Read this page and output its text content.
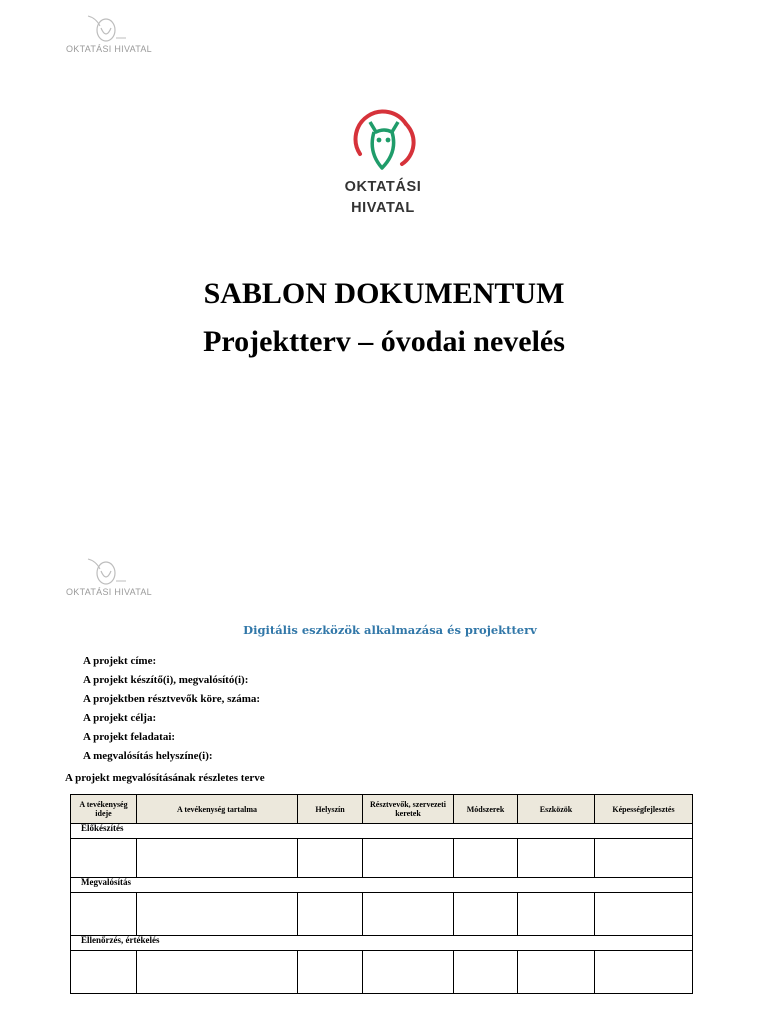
OKTATÁSI HIVATAL
OKTATÁSI
HIVATAL
SABLON DOKUMENTUM
Projektterv – óvodai nevelés
OKTATÁSI HIVATAL
Digitális eszközök alkalmazása és projektterv
A projekt címe:
A projekt készítő(i), megvalósító(i):
A projektben résztvevők köre, száma:
A projekt célja:
A projekt feladatai:
A megvalósítás helyszíne(i):
A projekt megvalósításának részletes terve
A tevékenység ideje	A tevékenység tartalma	Helyszín	Résztvevők, szervezeti keretek	Módszerek	Eszközök	Képességfejlesztés
Előkészítés						

Megvalósítás						

Ellenőrzés, értékelés						
